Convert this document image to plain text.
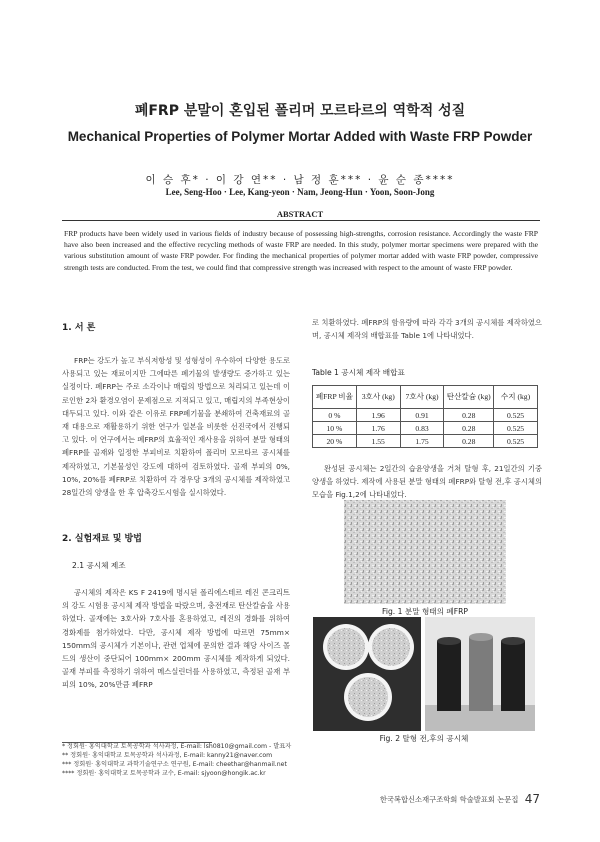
폐FRP 분말이 혼입된 폴리머 모르타르의 역학적 성질
Mechanical Properties of Polymer Mortar Added with Waste FRP Powder
이 승 후* · 이 강 연** · 남 정 훈*** · 윤 순 종****
Lee, Seng-Hoo · Lee, Kang-yeon · Nam, Jeong-Hun · Yoon, Soon-Jong
ABSTRACT
FRP products have been widely used in various fields of industry because of possessing high-strengths, corrosion resistance. Accordingly the waste FRP have also been increased and the effective recycling methods of waste FRP are needed. In this study, polymer mortar specimens were prepared with the various substitution amount of waste FRP powder. For finding the mechanical properties of polymer mortar added with waste FRP powder, compressive strength tests are conducted. From the test, we could find that compressive strength was increased with respect to the amount of waste FRP powder.
1. 서 론
FRP는 강도가 높고 부식저항성 및 성형성이 우수하여 다양한 용도로 사용되고 있는 재료이지만 그에따른 폐기물의 발생량도 증가하고 있는 실정이다. 폐FRP는 주로 소각이나 매립의 방법으로 처리되고 있는데 이로인한 2차 환경오염이 문제점으로 지적되고 있고, 매립지의 부족현상이 대두되고 있다. 이와 같은 이유로 FRP폐기물을 분쇄하여 건축재료의 골재 대용으로 재활용하기 위한 연구가 일본을 비롯한 선진국에서 진행되고 있다. 이 연구에서는 폐FRP의 효율적인 재사용을 위하여 분말 형태의 폐FRP를 골재와 일정한 부피비로 치환하여 폴리머 모르타르 공시체를 제작하였고, 기본물성인 강도에 대하여 검토하였다. 골재 부피의 0%, 10%, 20%를 폐FRP로 치환하여 각 경우당 3개의 공시체를 제작하였고 28일간의 양생을 한 후 압축강도시험을 실시하였다.
2. 실험재료 및 방법
2.1 공시체 제조
공시체의 제작은 KS F 2419에 명시된 폴리에스테르 레진 콘크리트의 강도 시험용 공시체 제작 방법을 따랐으며, 충전재로 탄산칼슘을 사용하였다. 골재에는 3호사와 7호사를 혼용하였고, 레진의 경화를 위하여 경화제를 첨가하였다. 다만, 공시체 제작 방법에 따르면 75mm× 150mm의 공시체가 기본이나, 관련 업체에 문의한 결과 해당 사이즈 몰드의 생산이 중단되어 100mm× 200mm 공시체를 제작하게 되었다. 골재 부피를 측정하기 위하여 메스실린더를 사용하였고, 측정된 골재 부피의 10%, 20%만큼 폐FRP
로 치환하였다. 폐FRP의 함유량에 따라 각각 3개의 공시체를 제작하였으며, 공시체 제작의 배합표를 Table 1에 나타내었다.
Table 1 공시체 제작 배합표
폐FRP 비율	3호사 (kg)	7호사 (kg)	탄산칼슘 (kg)	수지 (kg)
0 %	1.96	0.91	0.28	0.525
10 %	1.76	0.83	0.28	0.525
20 %	1.55	1.75	0.28	0.525
완성된 공시체는 2일간의 습윤양생을 거쳐 탈형 후, 21일간의 기중양생을 하였다. 제작에 사용된 분말 형태의 폐FRP와 탈형 전,후 공시체의 모습을 Fig.1,2에 나타내었다.
Fig. 1 분말 형태의 폐FRP
Fig. 2 탈형 전,후의 공시체
* 정회원· 홍익대학교 토목공학과 석사과정, E-mail: lsh0810@gmail.com - 발표자
** 정회원· 홍익대학교 토목공학과 석사과정, E-mail: kanny21@naver.com
*** 정회원· 홍익대학교 과학기술연구소 연구원, E-mail: cheethar@hanmail.net
**** 정회원· 홍익대학교 토목공학과 교수, E-mail: sjyoon@hongik.ac.kr
한국복합신소재구조학회 학술발표회 논문집 47
